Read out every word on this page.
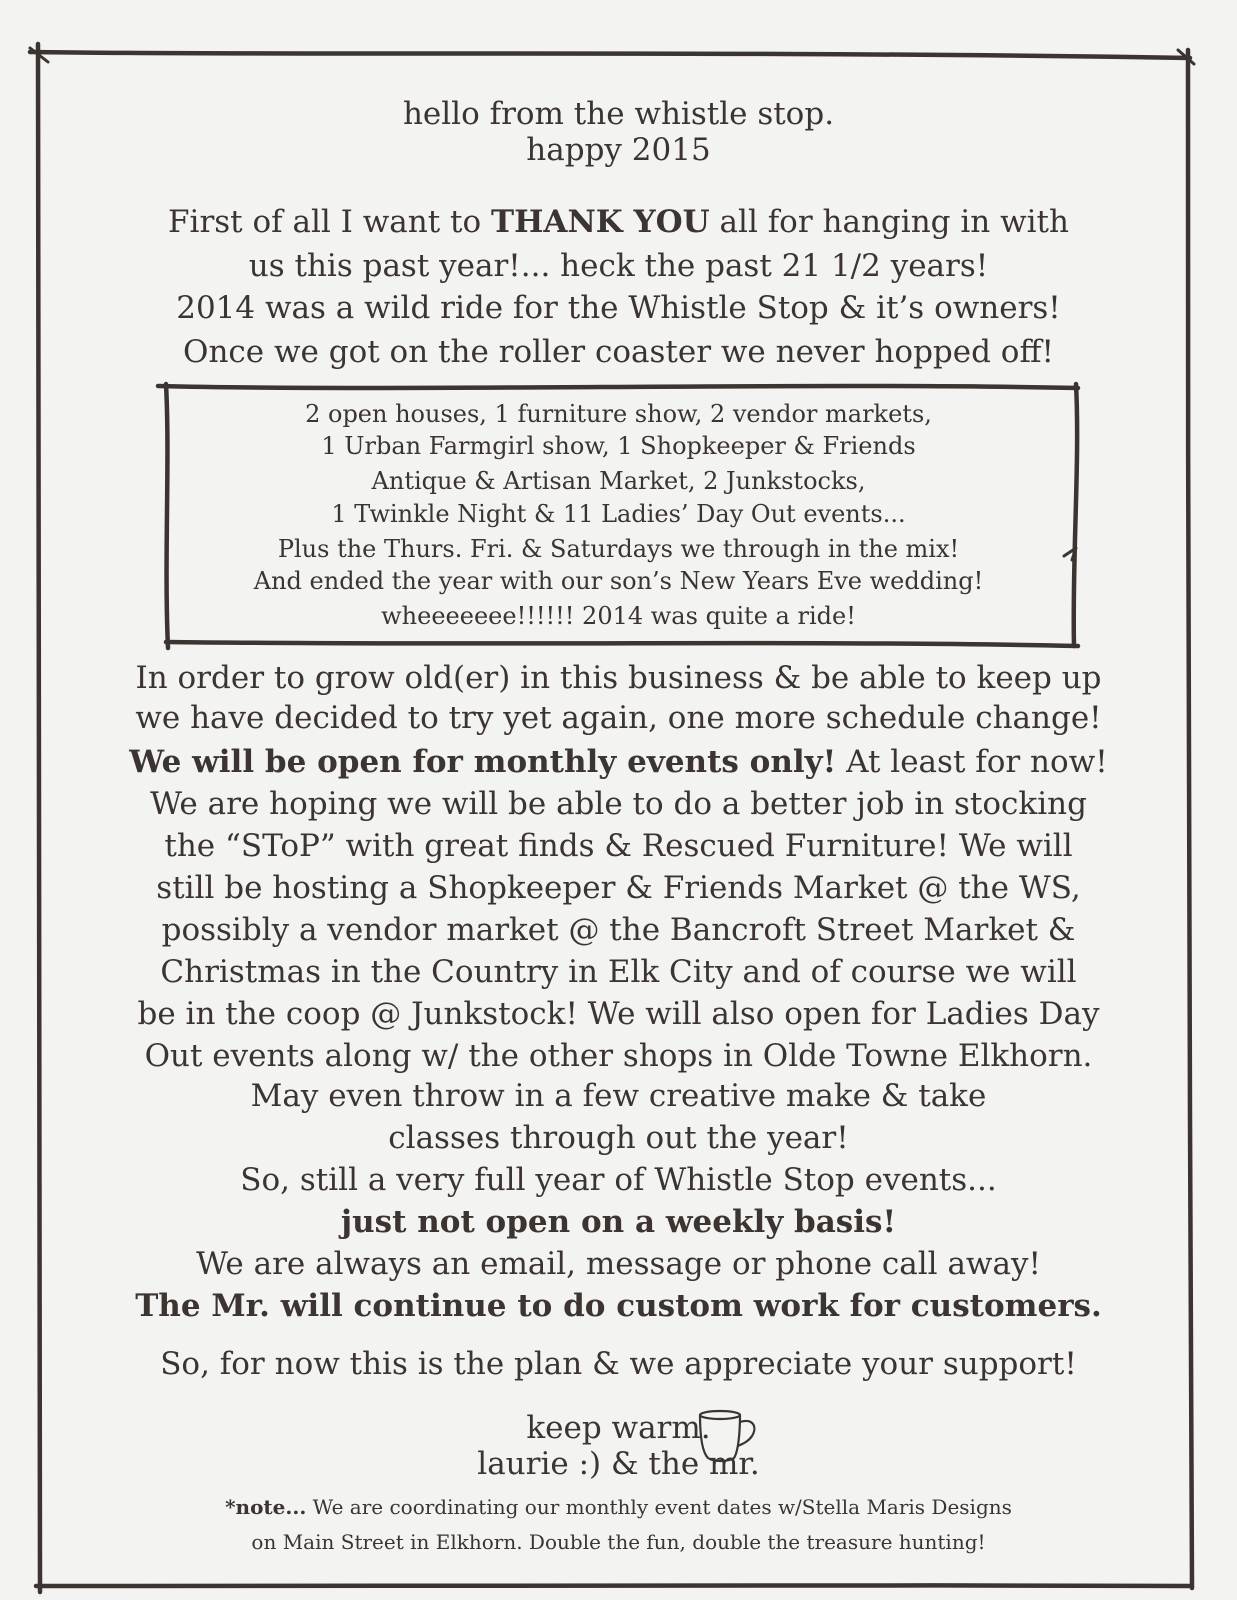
hello from the whistle stop.
happy 2015
First of all I want to THANK YOU all for hanging in with
us this past year!... heck the past 21 1/2 years!
2014 was a wild ride for the Whistle Stop & it’s owners!
Once we got on the roller coaster we never hopped off!
2 open houses, 1 furniture show, 2 vendor markets,
1 Urban Farmgirl show, 1 Shopkeeper & Friends
Antique & Artisan Market, 2 Junkstocks,
1 Twinkle Night & 11 Ladies’ Day Out events...
Plus the Thurs. Fri. & Saturdays we through in the mix!
And ended the year with our son’s New Years Eve wedding!
wheeeeeee!!!!!! 2014 was quite a ride!
In order to grow old(er) in this business & be able to keep up
we have decided to try yet again, one more schedule change!
We will be open for monthly events only! At least for now!
We are hoping we will be able to do a better job in stocking
the “SToP” with great finds & Rescued Furniture! We will
still be hosting a Shopkeeper & Friends Market @ the WS,
possibly a vendor market @ the Bancroft Street Market &
Christmas in the Country in Elk City and of course we will
be in the coop @ Junkstock! We will also open for Ladies Day
Out events along w/ the other shops in Olde Towne Elkhorn.
May even throw in a few creative make & take
classes through out the year!
So, still a very full year of Whistle Stop events...
just not open on a weekly basis!
We are always an email, message or phone call away!
The Mr. will continue to do custom work for customers.
So, for now this is the plan & we appreciate your support!
keep warm.
laurie :) & the mr.
*note... We are coordinating our monthly event dates w/Stella Maris Designs
on Main Street in Elkhorn. Double the fun, double the treasure hunting!
